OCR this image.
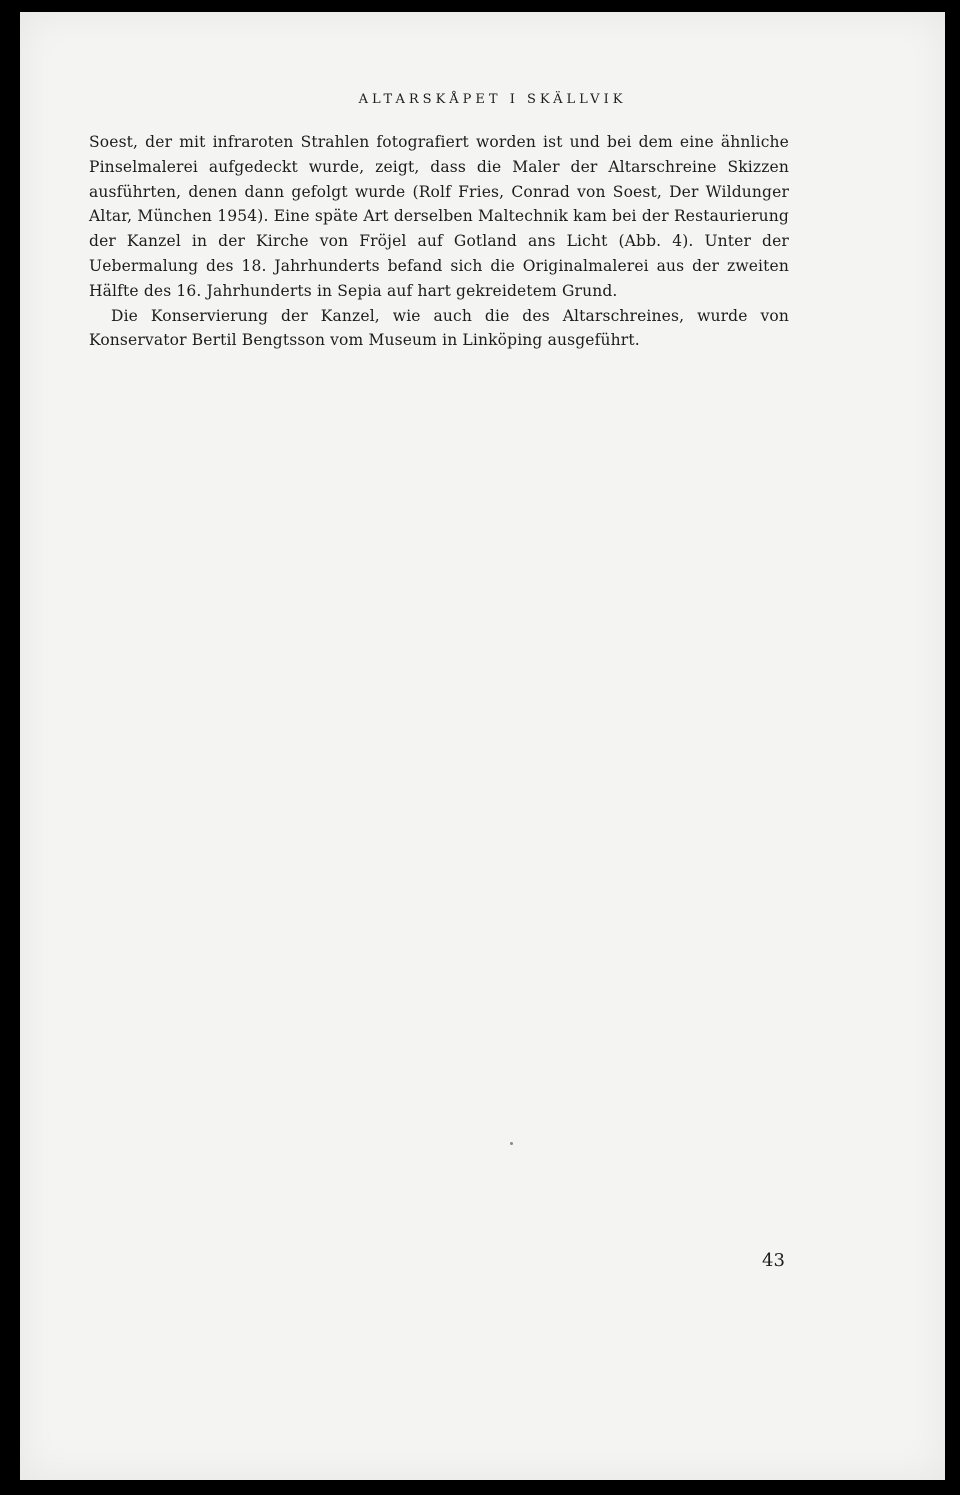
ALTARSKÅPET I SKÄLLVIK

Soest, der mit infraroten Strahlen fotografiert worden ist und bei dem eine ähnliche Pinselmalerei aufgedeckt wurde, zeigt, dass die Maler der Altarschreine Skizzen ausführten, denen dann gefolgt wurde (Rolf Fries, Conrad von Soest, Der Wildunger Altar, München 1954). Eine späte Art derselben Maltechnik kam bei der Restaurierung der Kanzel in der Kirche von Fröjel auf Gotland ans Licht (Abb. 4). Unter der Uebermalung des 18. Jahrhunderts befand sich die Originalmalerei aus der zweiten Hälfte des 16. Jahrhunderts in Sepia auf hart gekreidetem Grund.

Die Konservierung der Kanzel, wie auch die des Altarschreines, wurde von Konservator Bertil Bengtsson vom Museum in Linköping ausgeführt.

43
